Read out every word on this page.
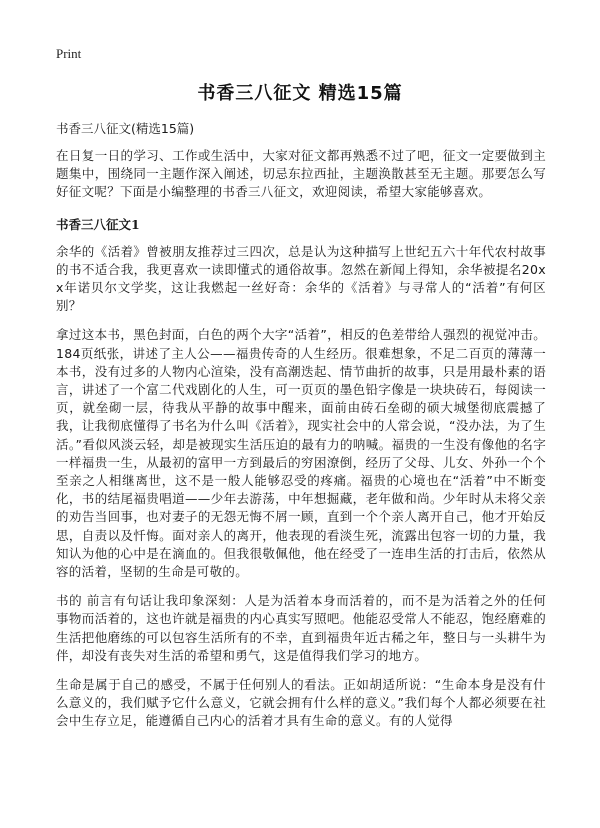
Print
书香三八征文 精选15篇

书香三八征文(精选15篇)

在日复一日的学习、工作或生活中，大家对征文都再熟悉不过了吧，征文一定要做到主题集中，围绕同一主题作深入阐述，切忌东拉西扯，主题涣散甚至无主题。那要怎么写好征文呢？下面是小编整理的书香三八征文，欢迎阅读，希望大家能够喜欢。

书香三八征文1

余华的《活着》曾被朋友推荐过三四次，总是认为这种描写上世纪五六十年代农村故事的书不适合我，我更喜欢一读即懂式的通俗故事。忽然在新闻上得知，余华被提名20xx年诺贝尔文学奖，这让我燃起一丝好奇：余华的《活着》与寻常人的“活着”有何区别？

拿过这本书，黑色封面，白色的两个大字“活着”，相反的色差带给人强烈的视觉冲击。184页纸张，讲述了主人公——福贵传奇的人生经历。很难想象，不足二百页的薄薄一本书，没有过多的人物内心渲染，没有高潮迭起、情节曲折的故事，只是用最朴素的语言，讲述了一个富二代戏剧化的人生，可一页页的墨色铅字像是一块块砖石，每阅读一页，就垒砌一层，待我从平静的故事中醒来，面前由砖石垒砌的硕大城堡彻底震撼了我，让我彻底懂得了书名为什么叫《活着》，现实社会中的人常会说，“没办法，为了生活。”看似风淡云轻，却是被现实生活压迫的最有力的呐喊。福贵的一生没有像他的名字一样福贵一生，从最初的富甲一方到最后的穷困潦倒，经历了父母、儿女、外孙一个个至亲之人相继离世，这不是一般人能够忍受的疼痛。福贵的心境也在“活着”中不断变化，书的结尾福贵唱道——少年去游荡，中年想掘藏，老年做和尚。少年时从未将父亲的劝告当回事，也对妻子的无怨无悔不屑一顾，直到一个个亲人离开自己，他才开始反思，自责以及忏悔。面对亲人的离开，他表现的看淡生死，流露出包容一切的力量，我知认为他的心中是在滴血的。但我很敬佩他，他在经受了一连串生活的打击后，依然从容的活着，坚韧的生命是可敬的。

书的 前言有句话让我印象深刻：人是为活着本身而活着的，而不是为活着之外的任何事物而活着的，这也许就是福贵的内心真实写照吧。他能忍受常人不能忍，饱经磨难的生活把他磨练的可以包容生活所有的不幸，直到福贵年近古稀之年，整日与一头耕牛为伴，却没有丧失对生活的希望和勇气，这是值得我们学习的地方。

生命是属于自己的感受，不属于任何别人的看法。正如胡适所说：“生命本身是没有什么意义的，我们赋予它什么意义，它就会拥有什么样的意义。”我们每个人都必须要在社会中生存立足，能遵循自己内心的活着才具有生命的意义。有的人觉得
